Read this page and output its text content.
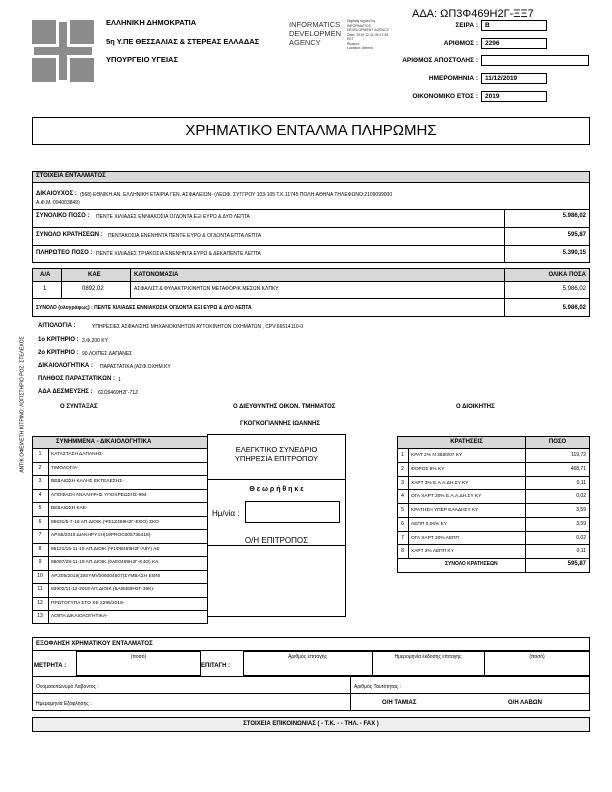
ΑΔΑ: ΩΠ3Φ469Η2Γ-ΞΞ7
ΕΛΛΗΝΙΚΗ ΔΗΜΟΚΡΑΤΙΑ
5η Υ.ΠΕ ΘΕΣΣΑΛΙΑΣ & ΣΤΕΡΕΑΣ ΕΛΛΑΔΑΣ
ΥΠΟΥΡΓΕΙΟ ΥΓΕΙΑΣ
INFORMATICS
DEVELOPMEN
AGENCY
Digitally signed by
INFORMATICS
DEVELOPMENT AGENCY
Date: 2019.12.11 09:17:38
EET
Reason:
Location: Athens
ΣΕΙΡΑ :	Β
ΑΡΙΘΜΟΣ :	2296
ΑΡΙΘΜΟΣ ΑΠΟΣΤΟΛΗΣ :
ΗΜΕΡΟΜΗΝΙΑ :	11/12/2019
ΟΙΚΟΝΟΜΙΚΟ ΕΤΟΣ :	2019
ΧΡΗΜΑΤΙΚΟ ΕΝΤΑΛΜΑ ΠΛΗΡΩΜΗΣ
ΣΤΟΙΧΕΙΑ ΕΝΤΑΛΜΑΤΟΣ
ΔΙΚΑΙΟΥΧΟΣ : (568) ΕΘΝΙΚΗ ΑΝ. ΕΛΛΗΝΙΚΗ ΕΤΑΙΡΙΑ ΓΕΝ. ΑΣΦΑΛΕΙΩΝ- (ΛΕΩΦ. ΣΥΓΓΡΟΥ 103-105 Τ.Κ.11745 ΠΟΛΗ:ΑΘΗΝΑ ΤΗΛΕΦΩΝΟ:2109099000
Α.Φ.Μ.:094003849)
ΣΥΝΟΛΙΚΟ ΠΟΣΟ : ΠΕΝΤΕ ΧΙΛΙΑΔΕΣ ΕΝΝΙΑΚΟΣΙΑ ΟΓΔΟΝΤΑ ΕΞΙ ΕΥΡΩ & ΔΥΟ ΛΕΠΤΑ	5.986,02
ΣΥΝΟΛΟ ΚΡΑΤΗΣΕΩΝ : ΠΕΝΤΑΚΟΣΙΑ ΕΝΕΝΗΝΤΑ ΠΕΝΤΕ ΕΥΡΩ & ΟΓΔΟΝΤΑ ΕΠΤΑ ΛΕΠΤΑ	595,87
ΠΛΗΡΩΤΕΟ ΠΟΣΟ : ΠΕΝΤΕ ΧΙΛΙΑΔΕΣ ΤΡΙΑΚΟΣΙΑ ΕΝΕΝΗΝΤΑ ΕΥΡΩ & ΔΕΚΑΠΕΝΤΕ ΛΕΠΤΑ	5.390,15
Α/Α	ΚΑΕ	ΚΑΤΟΝΟΜΑΣΙΑ	ΟΛΙΚΑ ΠΟΣΑ
1	0892.02	ΑΣΦΑΛΙΣΤ.& ΦΥΛΑΚΤΡ.ΚΙΝΗΤΩΝ ΜΕΤΑΦΟΡΙΚ.ΜΕΣΩΝ ΚΛΠΚΥ	5.986,02
ΣΥΝΟΛΟ (ολογράφως) : ΠΕΝΤΕ ΧΙΛΙΑΔΕΣ ΕΝΝΙΑΚΟΣΙΑ ΟΓΔΟΝΤΑ ΕΞΙ ΕΥΡΩ & ΔΥΟ ΛΕΠΤΑ	5.986,02
ΑΙΤΙΟΛΟΓΙΑ :	ΥΠΗΡΕΣΙΕΣ ΑΣΦΑΛΙΣΗΣ ΜΗΧΑΝΟΚΙΝΗΤΩΝ ΑΥΤΟΚΙΝΗΤΩΝ ΟΧΗΜΑΤΩΝ , CPV:66514110-0
1ο ΚΡΙΤΗΡΙΟ : 3.Φ.200 ΚΥ
2ο ΚΡΙΤΗΡΙΟ : 90.ΛΟΙΠΕΣ ΔΑΠΑΝΕΣ
ΔΙΚΑΙΟΛΟΓΗΤΙΚΑ : ΠΑΡΑΣΤΑΤΙΚΑ (ΑΣΦ.ΟΧΗΜ.ΚΥ
ΠΛΗΘΟΣ ΠΑΡΑΣΤΑΤΙΚΩΝ : 1
ΑΔΑ ΔΕΣΜΕΥΣΗΣ : 6ΣΩ9469Η2Γ-71Ζ
Ο ΣΥΝΤΑΞΑΣ	Ο ΔΙΕΥΘΥΝΤΗΣ ΟΙΚΟΝ. ΤΜΗΜΑΤΟΣ	Ο ΔΙΟΙΚΗΤΗΣ
ΓΚΟΓΚΟΓΙΑΝΝΗΣ ΙΩΑΝΝΗΣ
ΑΝΤΙΚ.ΟΦΕΙΛΕΤΗ ΚΙΤΡΙΝΟ: ΛΟΓΙΣΤΗΡΙΟ ΡΟΖ: ΣΤΕΛΕΧΟΣ	ΣΥΝΗΜΜΕΝΑ - ΔΙΚΑΙΟΛΟΓΗΤΙΚΑ
1	ΚΑΤΑΣΤΑΣΗ ΔΑΠΑΝΗΣ-
2	ΤΙΜΟΛΟΓΙΑ-
3	ΒΕΒΑΙΩΣΗ ΚΑΛΗΣ ΕΚΤΕΛΕΣΗΣ-
4	ΑΠΟΦΑΣΗ ΑΝΑΛΗΨΗΣ ΥΠΟΧΡΕΩΣΗΣ-994
5	ΒΕΒΑΙΩΣΗ ΚΑΕ-
6	86631/5-7-18 ΑΠ.ΔΙΟΙΚ.(ΨΕ1Ζ469Η2Γ-ΕΘΟ) ΣΚΟ
7	ΑΡ.65/2019 ΔΙΑΚΗΡΥΞΗ(19PROC005735418)-
8	85121/15-11-19 ΑΠ.ΔΙΟΙΚ.(Ψ1ΦΒ469Η2Γ-Λ9Υ) ΑΕ
9	89097/28-11-19 ΑΠ.ΔΙΟΙΚ.(9ΑΕ0469Η2Γ-Κ4Θ) ΚΑ
10	ΑΡ.205/2019(19SYMV006004607)ΣΥΜΒΑΣΗ ΕΘΝΙ
11	93902/11-12-2019 ΑΠ.ΔΙΟΙΚ.(6ΑΙ9469Η2Γ-39Κ)-
12	ΠΡΩΤΟΓΥΠΑ ΣΤΟ ΧΕ 2296/2019-
13	ΛΟΙΠΑ ΔΙΚΑΙΟΛΟΓΗΤΙΚΑ-
ΕΛΕΓΚΤΙΚΟ ΣΥΝΕΔΡΙΟ
ΥΠΗΡΕΣΙΑ ΕΠΙΤΡΟΠΟΥ
Θ ε ω ρ ή θ η κ ε
Ημ/νία :
Ο/Η ΕΠΙΤΡΟΠΟΣ
ΚΡΑΤΗΣΕΙΣ	ΠΟΣΟ
1	ΚΡΑΤ 2% Ν 3580/07 ΚΥ	119,72
2	ΦΟΡΟΣ 8% ΚΥ	468,71
3	ΧΑΡΤ 3% Ε.Α.Α.ΔΗ.ΣΥ ΚΥ	0,11
4	ΟΓΑ ΧΑΡΤ 20% Ε.Α.Α.ΔΗ.ΣΥ ΚΥ	0,02
5	ΚΡΑΤΗΣΗ ΥΠΕΡ ΕΑΑΔΗΣΥ ΚΥ	3,59
6	ΑΕΠΠ 0,06% ΚΥ	3,59
7	ΟΓΑ ΧΑΡΤ 20% ΑΕΠΠ	0,02
8	ΧΑΡΤ 3% ΑΕΠΠ ΚΥ	0,11
ΣΥΝΟΛΟ ΚΡΑΤΗΣΕΩΝ	595,87
ΕΞΟΦΛΗΣΗ ΧΡΗΜΑΤΙΚΟΥ ΕΝΤΑΛΜΑΤΟΣ
ΜΕΤΡΗΤΑ :
(ποσό)
ΕΠΙΤΑΓΗ :
Αριθμός επιταγής	Ημερομηνία έκδοσης επιταγής	(ποσό)
Ονοματεπώνυμο Λαβόντος :	Αριθμός Ταυτότητας :
Ημερομηνία Εξόφλησης :	Ο/Η ΤΑΜΙΑΣ	Ο/Η ΛΑΒΩΝ
ΣΤΟΙΧΕΙΑ ΕΠΙΚΟΙΝΩΝΙΑΣ ( - Τ.Κ. - - ΤΗΛ. - FAX )
